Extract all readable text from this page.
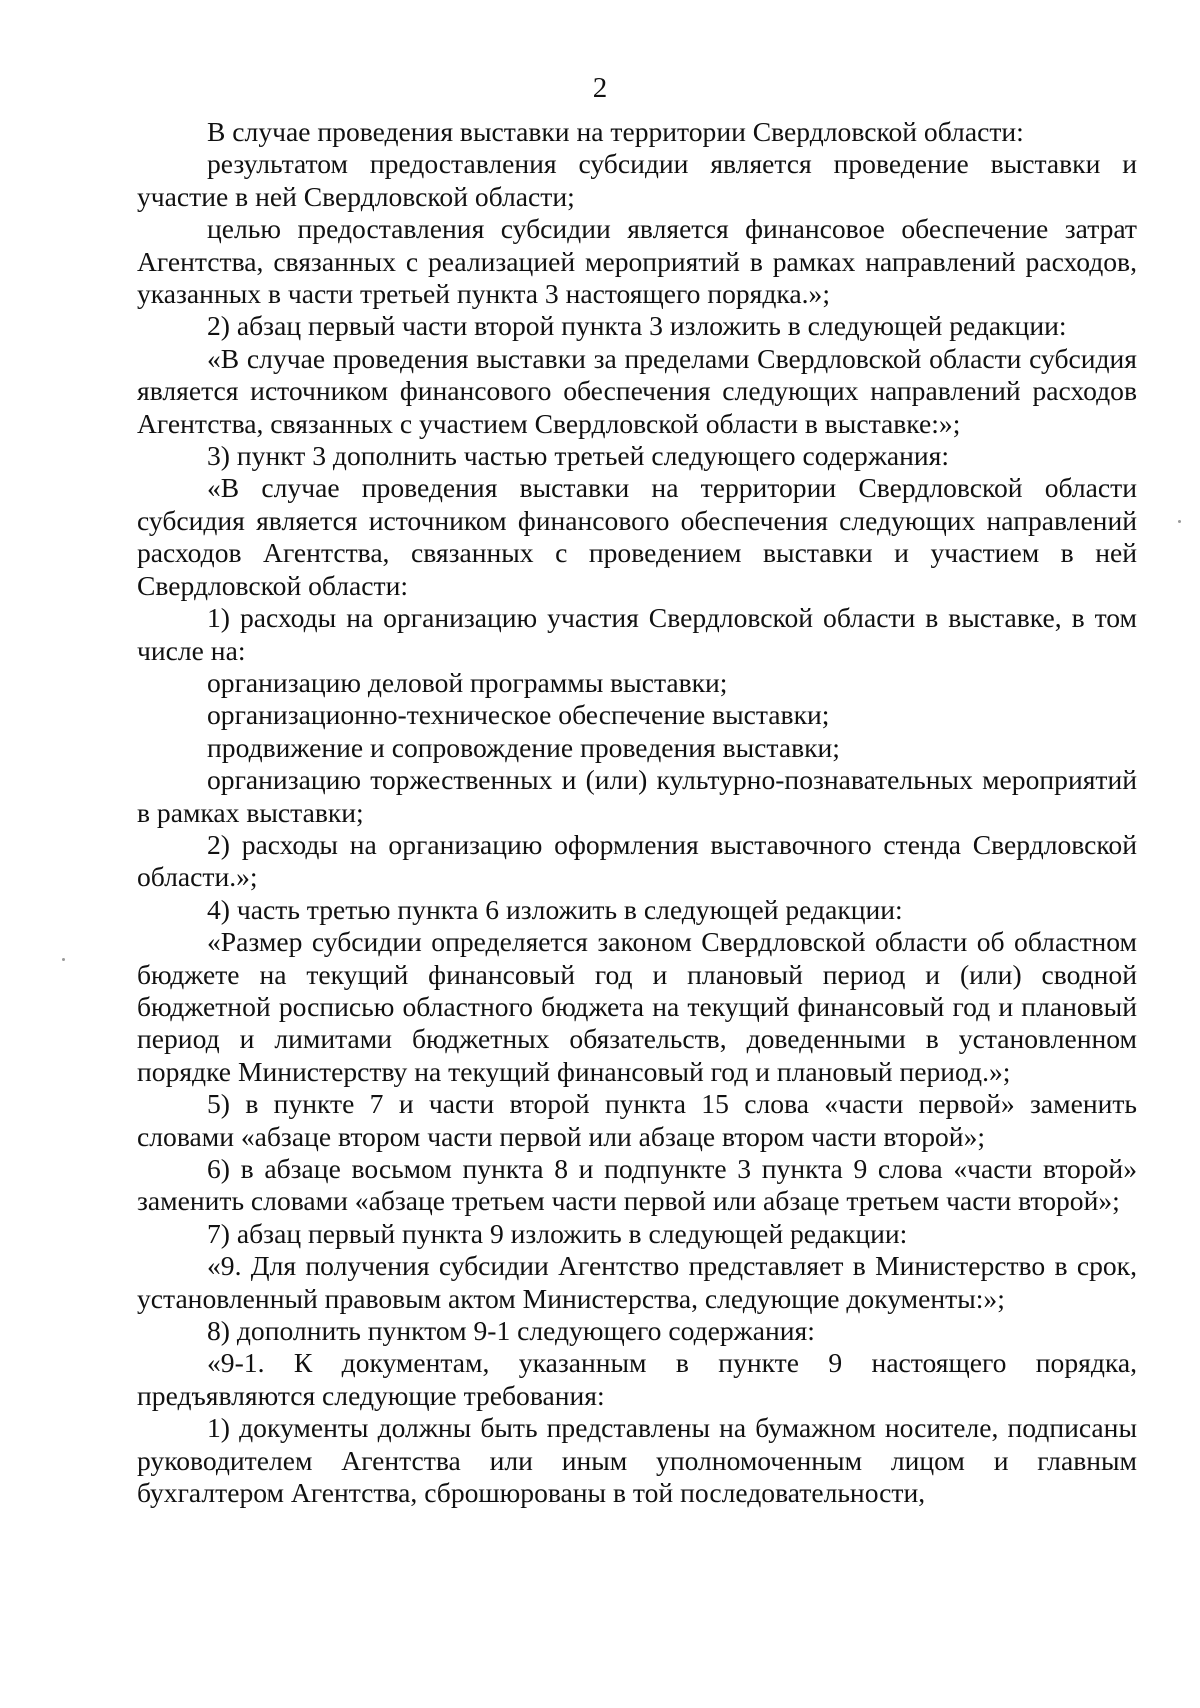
2

В случае проведения выставки на территории Свердловской области:

результатом предоставления субсидии является проведение выставки и участие в ней Свердловской области;

целью предоставления субсидии является финансовое обеспечение затрат Агентства, связанных с реализацией мероприятий в рамках направлений расходов, указанных в части третьей пункта 3 настоящего порядка.»;

2) абзац первый части второй пункта 3 изложить в следующей редакции:

«В случае проведения выставки за пределами Свердловской области субсидия является источником финансового обеспечения следующих направлений расходов Агентства, связанных с участием Свердловской области в выставке:»;

3) пункт 3 дополнить частью третьей следующего содержания:

«В случае проведения выставки на территории Свердловской области субсидия является источником финансового обеспечения следующих направлений расходов Агентства, связанных с проведением выставки и участием в ней Свердловской области:

1) расходы на организацию участия Свердловской области в выставке, в том числе на:

организацию деловой программы выставки;

организационно-техническое обеспечение выставки;

продвижение и сопровождение проведения выставки;

организацию торжественных и (или) культурно-познавательных мероприятий в рамках выставки;

2) расходы на организацию оформления выставочного стенда Свердловской области.»;

4) часть третью пункта 6 изложить в следующей редакции:

«Размер субсидии определяется законом Свердловской области об областном бюджете на текущий финансовый год и плановый период и (или) сводной бюджетной росписью областного бюджета на текущий финансовый год и плановый период и лимитами бюджетных обязательств, доведенными в установленном порядке Министерству на текущий финансовый год и плановый период.»;

5) в пункте 7 и части второй пункта 15 слова «части первой» заменить словами «абзаце втором части первой или абзаце втором части второй»;

6) в абзаце восьмом пункта 8 и подпункте 3 пункта 9 слова «части второй» заменить словами «абзаце третьем части первой или абзаце третьем части второй»;

7) абзац первый пункта 9 изложить в следующей редакции:

«9. Для получения субсидии Агентство представляет в Министерство в срок, установленный правовым актом Министерства, следующие документы:»;

8) дополнить пунктом 9-1 следующего содержания:

«9-1. К документам, указанным в пункте 9 настоящего порядка, предъявляются следующие требования:

1) документы должны быть представлены на бумажном носителе, подписаны руководителем Агентства или иным уполномоченным лицом и главным бухгалтером Агентства, сброшюрованы в той последовательности,
